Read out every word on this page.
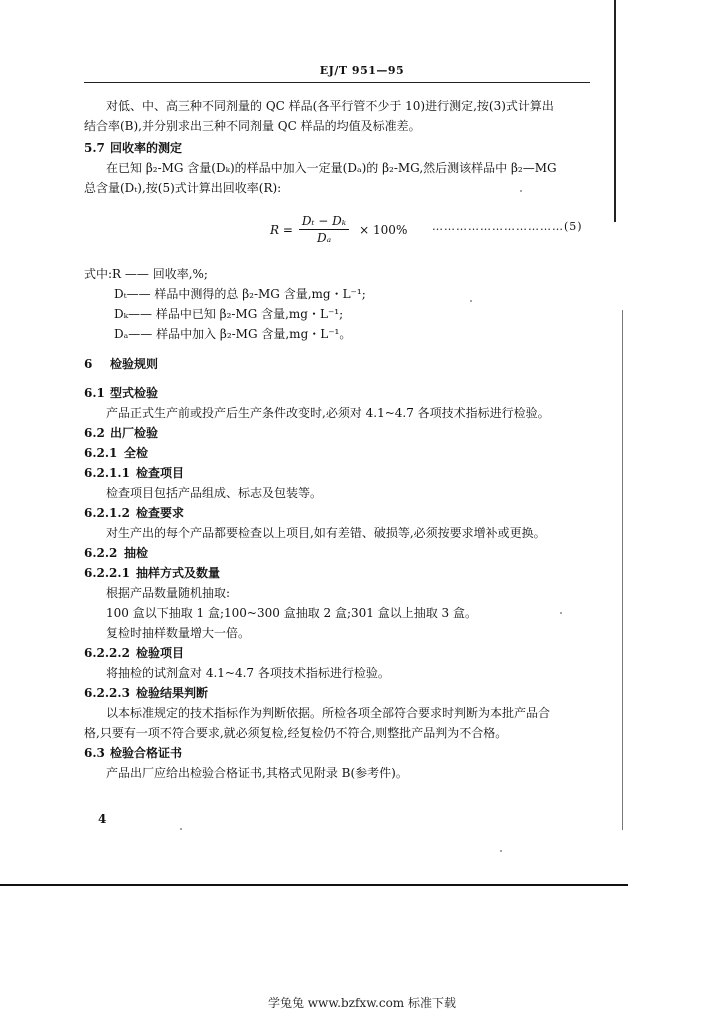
EJ/T 951—95
对低、中、高三种不同剂量的 QC 样品(各平行管不少于 10)进行测定,按(3)式计算出
结合率(B),并分别求出三种不同剂量 QC 样品的均值及标准差。
5.7 回收率的测定
在已知 β₂-MG 含量(Dₖ)的样品中加入一定量(Dₐ)的 β₂-MG,然后测该样品中 β₂—MG
总含量(Dₜ),按(5)式计算出回收率(R):
$R = \frac{\text{Dₜ − Dₖ}}{\text{Dₐ}} \times 100\%$ ……………………………(5)
式中:R —— 回收率,%;
Dₜ—— 样品中测得的总 β₂-MG 含量,mg・L⁻¹;
Dₖ—— 样品中已知 β₂-MG 含量,mg・L⁻¹;
Dₐ—— 样品中加入 β₂-MG 含量,mg・L⁻¹。
6 检验规则
6.1 型式检验
产品正式生产前或投产后生产条件改变时,必须对 4.1~4.7 各项技术指标进行检验。
6.2 出厂检验
6.2.1 全检
6.2.1.1 检查项目
检查项目包括产品组成、标志及包装等。
6.2.1.2 检查要求
对生产出的每个产品都要检查以上项目,如有差错、破损等,必须按要求增补或更换。
6.2.2 抽检
6.2.2.1 抽样方式及数量
根据产品数量随机抽取:
100 盒以下抽取 1 盒;100~300 盒抽取 2 盒;301 盒以上抽取 3 盒。
复检时抽样数量增大一倍。
6.2.2.2 检验项目
将抽检的试剂盒对 4.1~4.7 各项技术指标进行检验。
6.2.2.3 检验结果判断
以本标准规定的技术指标作为判断依据。所检各项全部符合要求时判断为本批产品合
格,只要有一项不符合要求,就必须复检,经复检仍不符合,则整批产品判为不合格。
6.3 检验合格证书
产品出厂应给出检验合格证书,其格式见附录 B(参考件)。
4
学兔兔 www.bzfxw.com 标准下载
